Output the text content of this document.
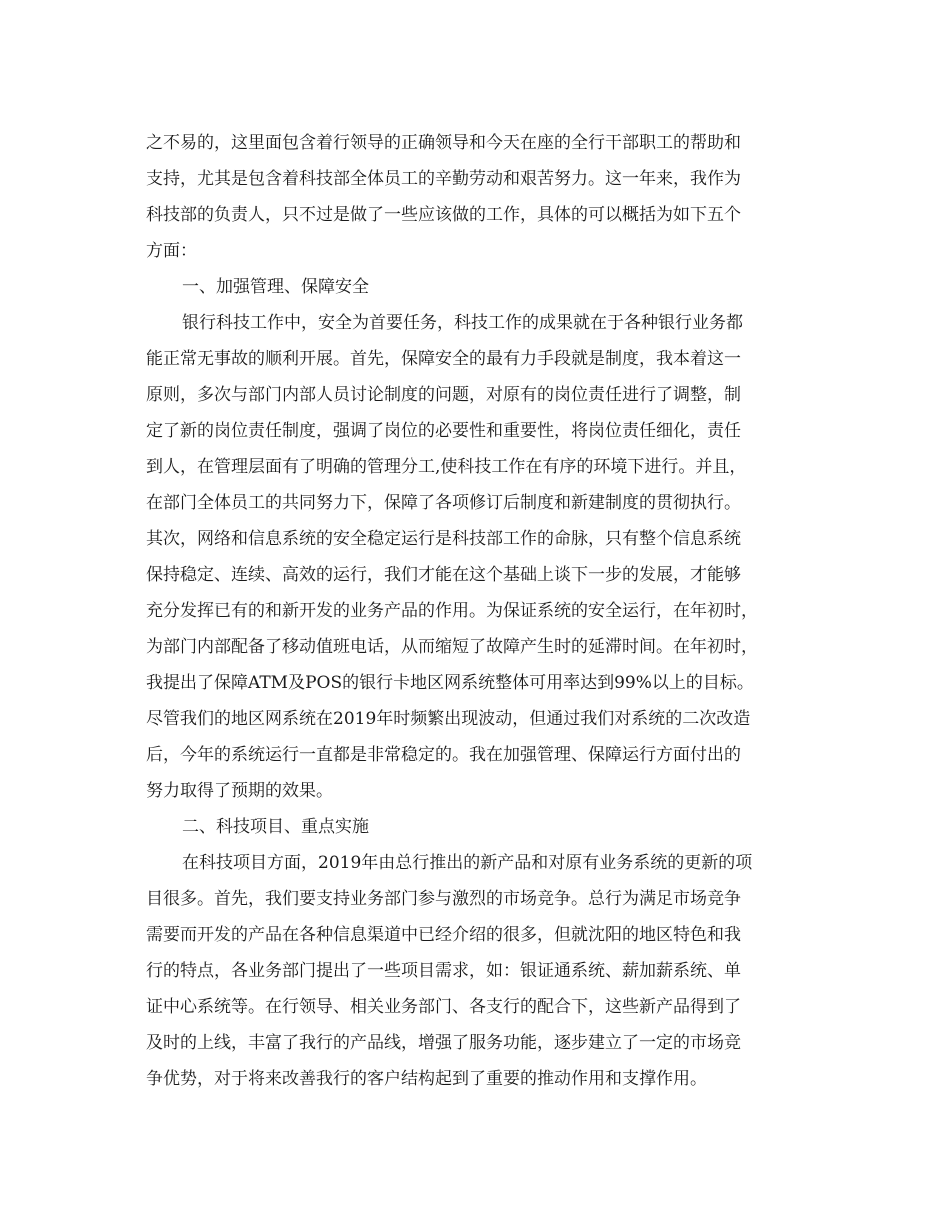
之不易的，这里面包含着行领导的正确领导和今天在座的全行干部职工的帮助和
支持，尤其是包含着科技部全体员工的辛勤劳动和艰苦努力。这一年来，我作为
科技部的负责人，只不过是做了一些应该做的工作，具体的可以概括为如下五个
方面：
一、加强管理、保障安全
银行科技工作中，安全为首要任务，科技工作的成果就在于各种银行业务都
能正常无事故的顺利开展。首先，保障安全的最有力手段就是制度，我本着这一
原则，多次与部门内部人员讨论制度的问题，对原有的岗位责任进行了调整，制
定了新的岗位责任制度，强调了岗位的必要性和重要性，将岗位责任细化，责任
到人，在管理层面有了明确的管理分工,使科技工作在有序的环境下进行。并且，
在部门全体员工的共同努力下，保障了各项修订后制度和新建制度的贯彻执行。
其次，网络和信息系统的安全稳定运行是科技部工作的命脉，只有整个信息系统
保持稳定、连续、高效的运行，我们才能在这个基础上谈下一步的发展，才能够
充分发挥已有的和新开发的业务产品的作用。为保证系统的安全运行，在年初时，
为部门内部配备了移动值班电话，从而缩短了故障产生时的延滞时间。在年初时，
我提出了保障ATM及POS的银行卡地区网系统整体可用率达到99%以上的目标。
尽管我们的地区网系统在2019年时频繁出现波动，但通过我们对系统的二次改造
后，今年的系统运行一直都是非常稳定的。我在加强管理、保障运行方面付出的
努力取得了预期的效果。
二、科技项目、重点实施
在科技项目方面，2019年由总行推出的新产品和对原有业务系统的更新的项
目很多。首先，我们要支持业务部门参与激烈的市场竞争。总行为满足市场竞争
需要而开发的产品在各种信息渠道中已经介绍的很多，但就沈阳的地区特色和我
行的特点，各业务部门提出了一些项目需求，如：银证通系统、薪加薪系统、单
证中心系统等。在行领导、相关业务部门、各支行的配合下，这些新产品得到了
及时的上线，丰富了我行的产品线，增强了服务功能，逐步建立了一定的市场竞
争优势，对于将来改善我行的客户结构起到了重要的推动作用和支撑作用。
